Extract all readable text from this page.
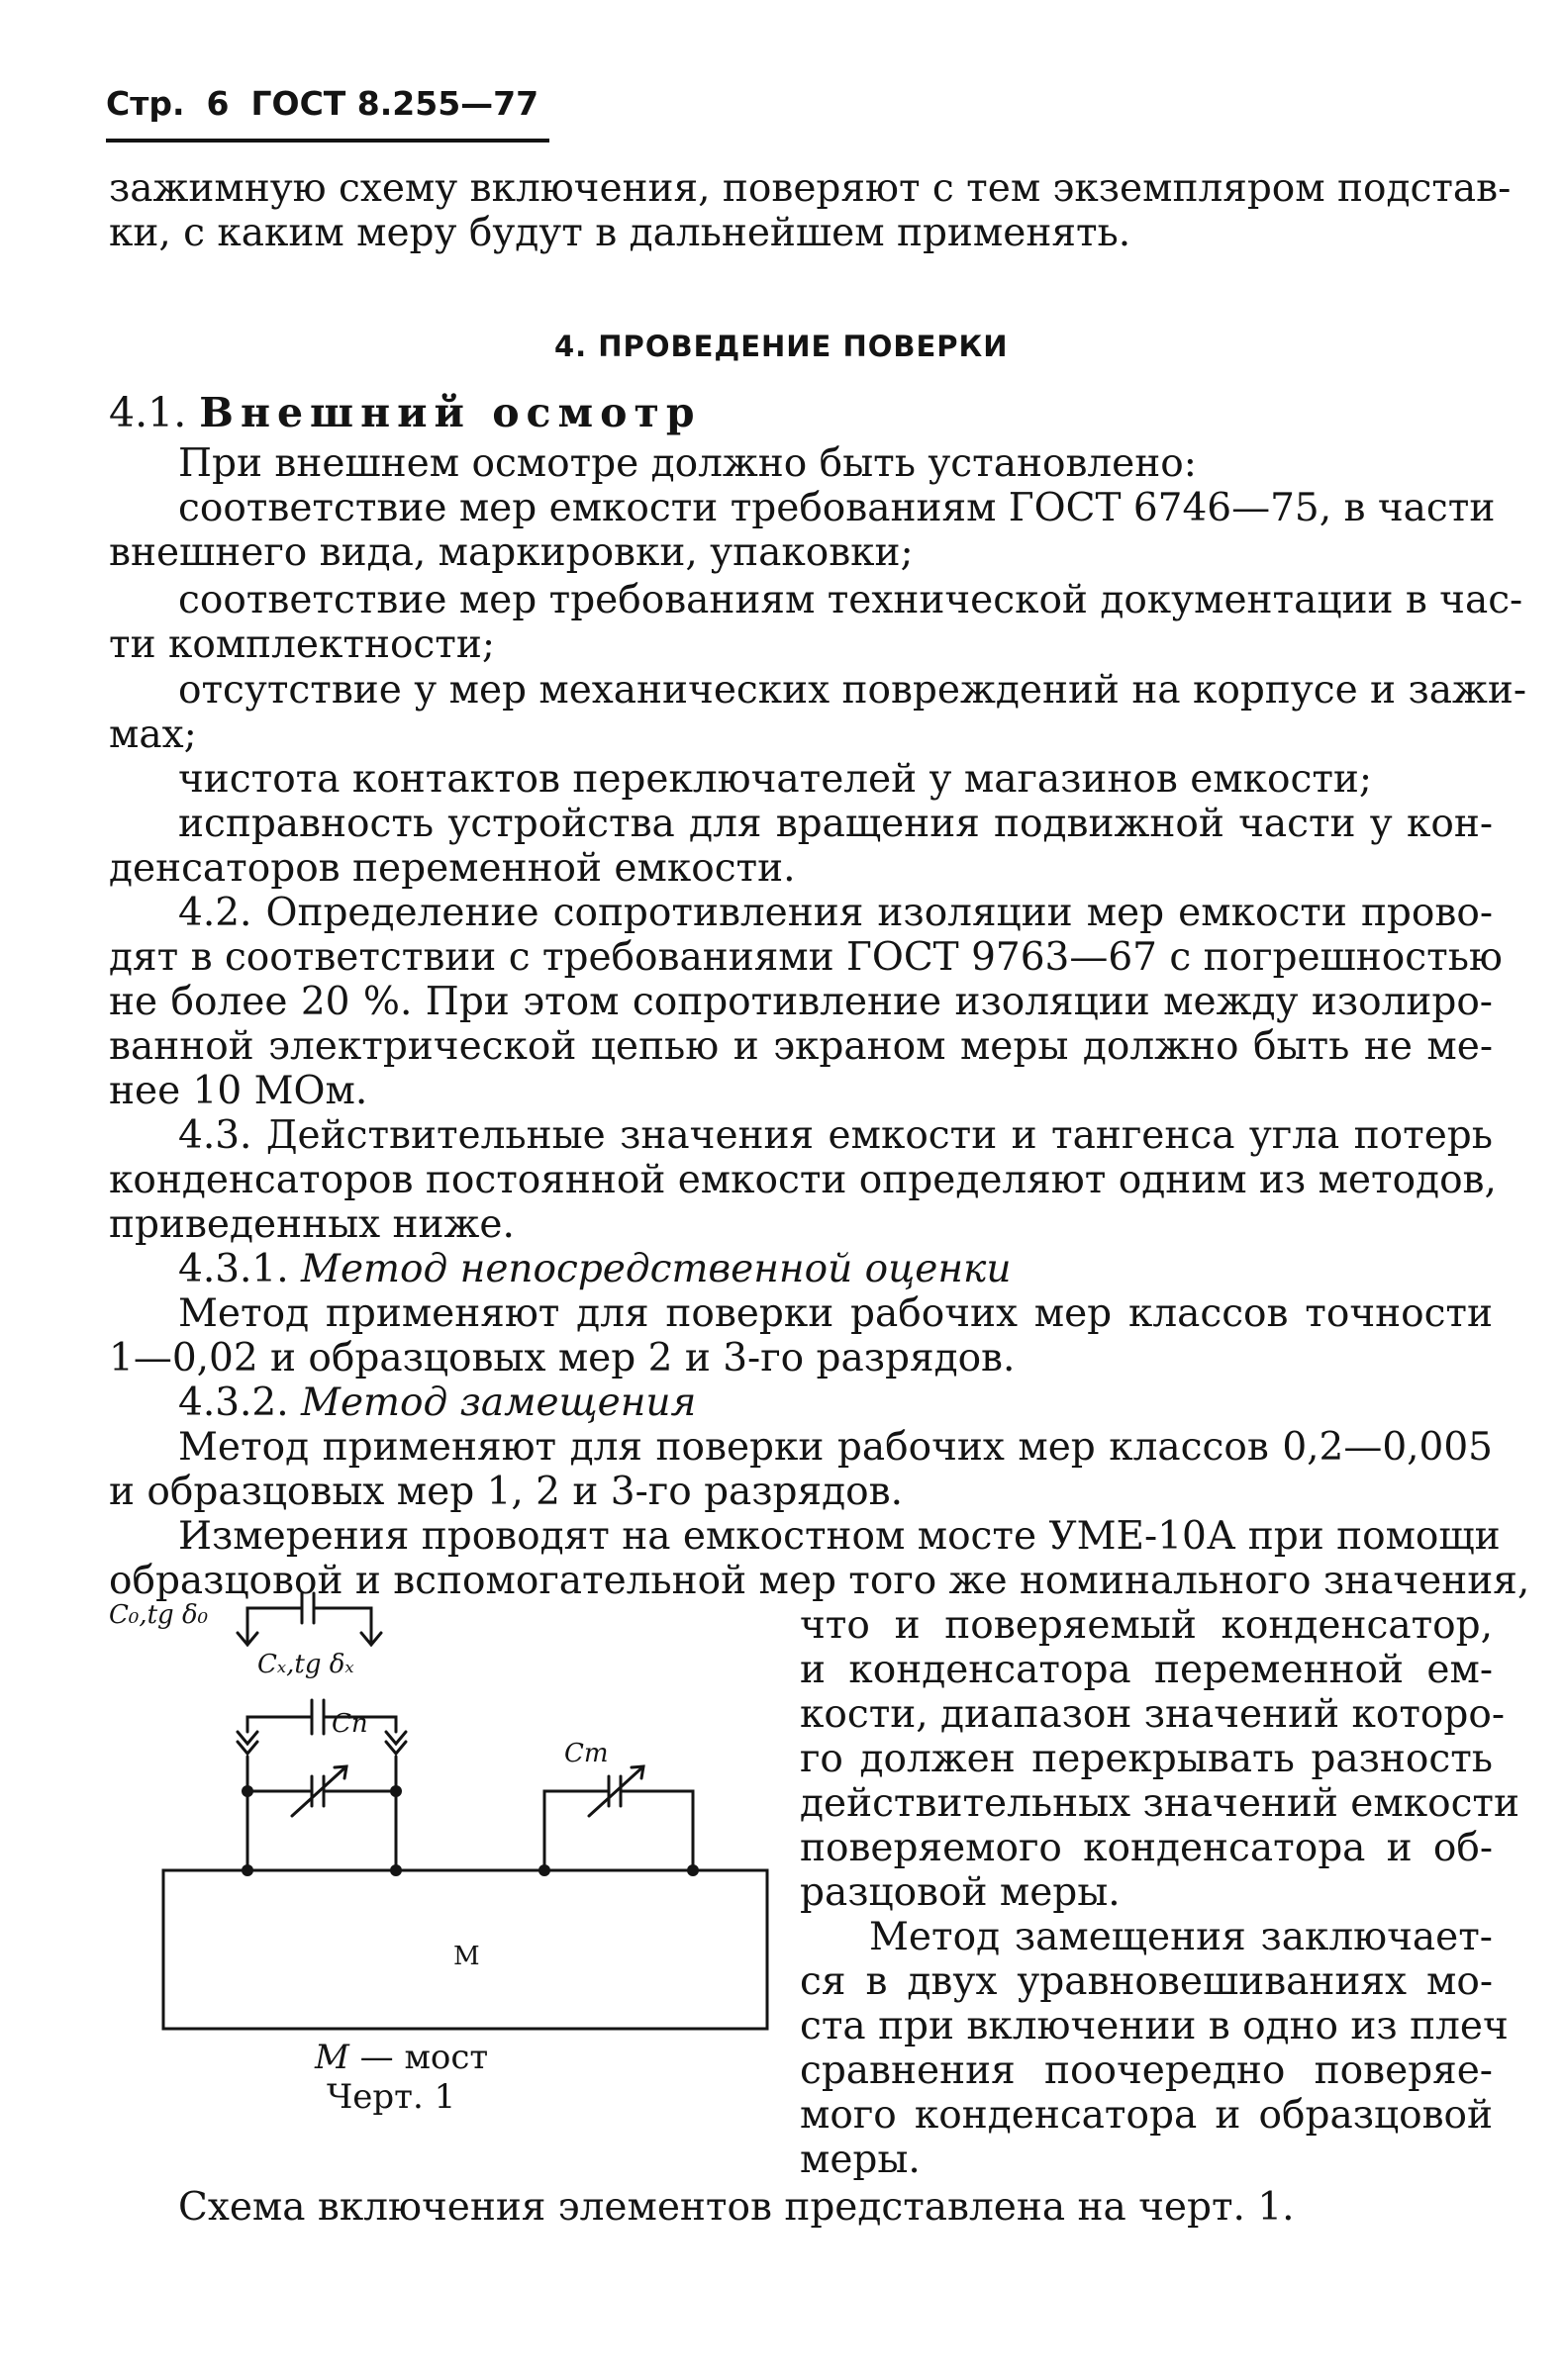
Стр. 6 ГОСТ 8.255—77
зажимную схему включения, поверяют с тем экземпляром подстав-
ки, с каким меру будут в дальнейшем применять.
4. ПРОВЕДЕНИЕ ПОВЕРКИ
4.1. Внешний осмотр
При внешнем осмотре должно быть установлено:
соответствие мер емкости требованиям ГОСТ 6746—75, в части
внешнего вида, маркировки, упаковки;
соответствие мер требованиям технической документации в час-
ти комплектности;
отсутствие у мер механических повреждений на корпусе и зажи-
мах;
чистота контактов переключателей у магазинов емкости;
исправность устройства для вращения подвижной части у кон-
денсаторов переменной емкости.
4.2. Определение сопротивления изоляции мер емкости прово-
дят в соответствии с требованиями ГОСТ 9763—67 с погрешностью
не более 20 %. При этом сопротивление изоляции между изолиро-
ванной электрической цепью и экраном меры должно быть не ме-
нее 10 МОм.
4.3. Действительные значения емкости и тангенса угла потерь
конденсаторов постоянной емкости определяют одним из методов,
приведенных ниже.
4.3.1. Метод непосредственной оценки
Метод применяют для поверки рабочих мер классов точности
1—0,02 и образцовых мер 2 и 3-го разрядов.
4.3.2. Метод замещения
Метод применяют для поверки рабочих мер классов 0,2—0,005
и образцовых мер 1, 2 и 3-го разрядов.
Измерения проводят на емкостном мосте УМЕ-10А при помощи
образцовой и вспомогательной мер того же номинального значения,
что и поверяемый конденсатор,
и конденсатора переменной ем-
кости, диапазон значений которо-
го должен перекрывать разность
действительных значений емкости
поверяемого конденсатора и об-
разцовой меры.
Метод замещения заключает-
ся в двух уравновешиваниях мо-
ста при включении в одно из плеч
сравнения поочередно поверяе-
мого конденсатора и образцовой
меры.
Схема включения элементов представлена на черт. 1.
C₀,tg δ₀
Cₓ,tg δₓ
Cп
Cm
M
М — мост
Черт. 1
